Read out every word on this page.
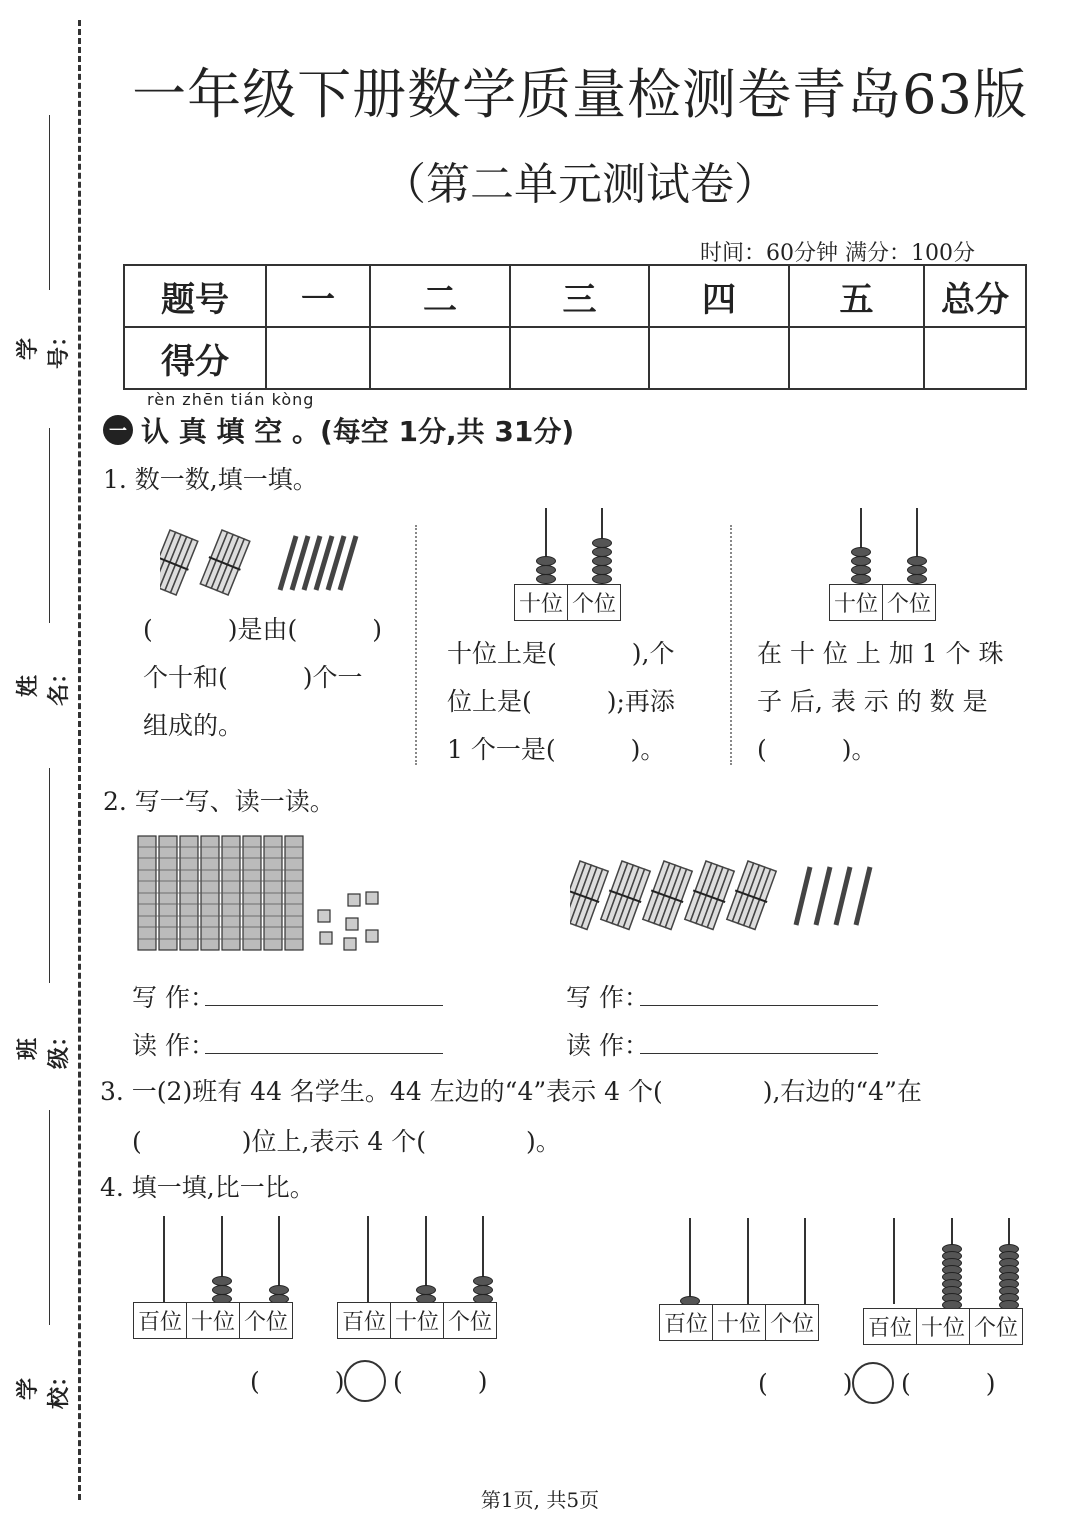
学号：
姓名：
班级：
学校：
一年级下册数学质量检测卷青岛63版
（第二单元测试卷）
时间：60分钟 满分：100分
题号	一	二	三	四	五	总分
得分						
rèn zhēn tián kòng
一 认 真 填 空 。(每空 1分,共 31分)
1. 数一数,填一填。
(　　　)是由(　　　)
个十和(　　　)个一
组成的。
十位 个位
十位上是(　　　),个
位上是(　　　);再添
1 个一是(　　　)。
十位 个位
在 十 位 上 加 1 个 珠
子 后, 表 示 的 数 是
(　　　)。
2. 写一写、读一读。
写 作：
读 作：
写 作：
读 作：
3. 一(2)班有 44 名学生。44 左边的“4”表示 4 个(　　　　),右边的“4”在
(　　　　)位上,表示 4 个(　　　　)。
4. 填一填,比一比。
百位 十位 个位 百位 十位 个位
(　　　) (　　　)
百位 十位 个位 百位 十位 个位
(　　　) (　　　)
第1页, 共5页
